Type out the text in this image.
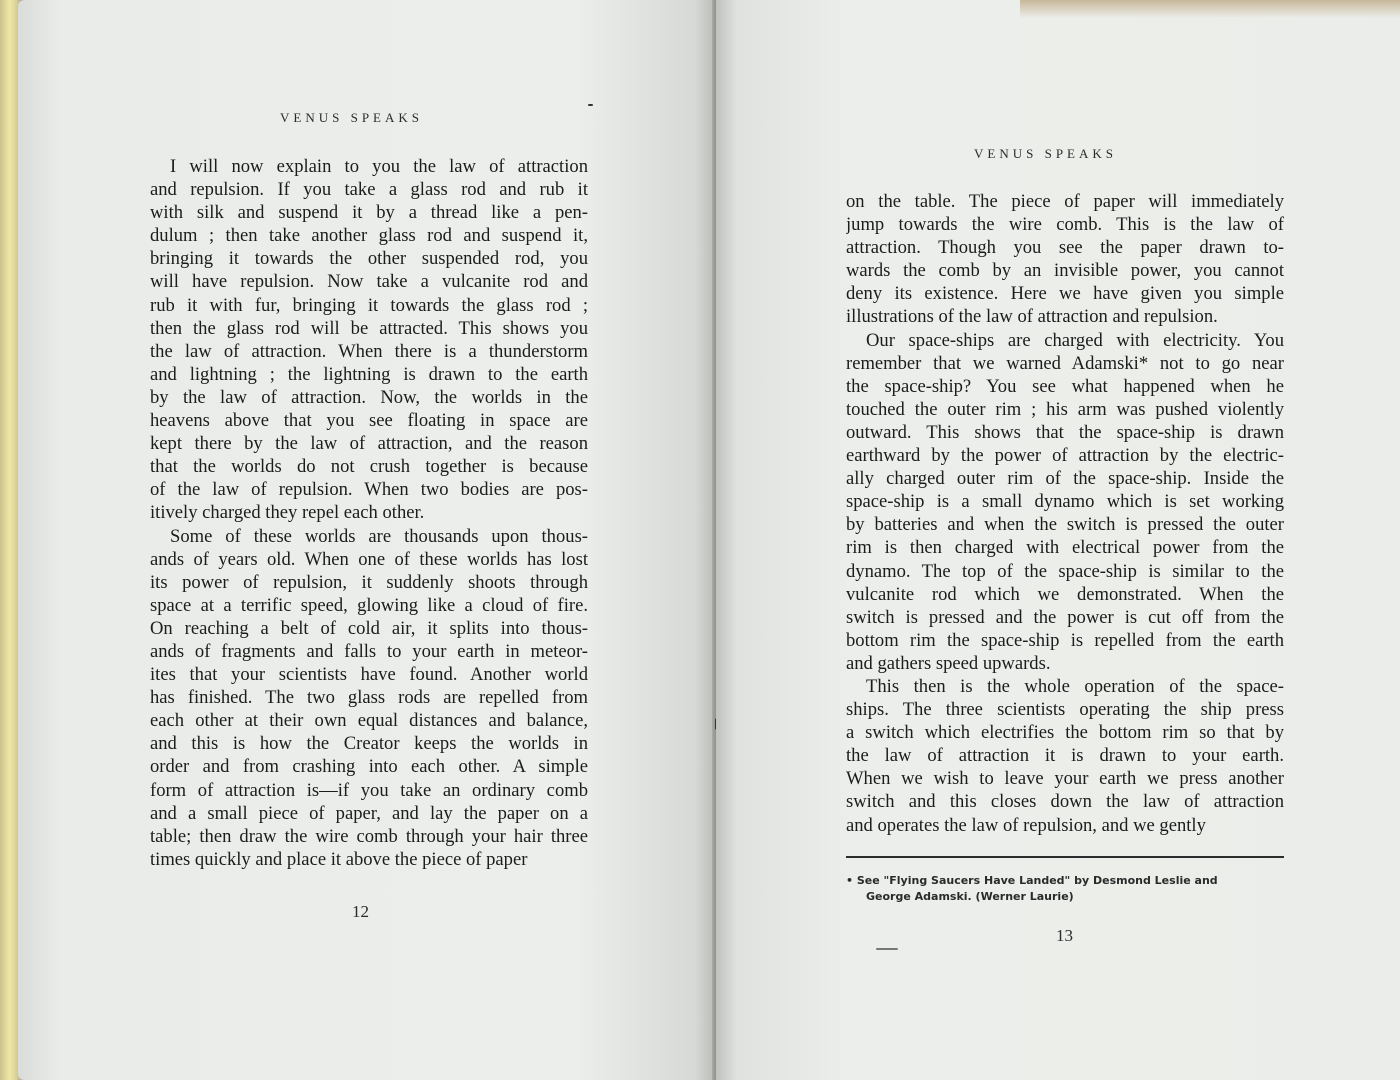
VENUS SPEAKS
I will now explain to you the law of attraction
and repulsion. If you take a glass rod and rub it
with silk and suspend it by a thread like a pen-
dulum ; then take another glass rod and suspend it,
bringing it towards the other suspended rod, you
will have repulsion. Now take a vulcanite rod and
rub it with fur, bringing it towards the glass rod ;
then the glass rod will be attracted. This shows you
the law of attraction. When there is a thunderstorm
and lightning ; the lightning is drawn to the earth
by the law of attraction. Now, the worlds in the
heavens above that you see floating in space are
kept there by the law of attraction, and the reason
that the worlds do not crush together is because
of the law of repulsion. When two bodies are pos-
itively charged they repel each other.
Some of these worlds are thousands upon thous-
ands of years old. When one of these worlds has lost
its power of repulsion, it suddenly shoots through
space at a terrific speed, glowing like a cloud of fire.
On reaching a belt of cold air, it splits into thous-
ands of fragments and falls to your earth in meteor-
ites that your scientists have found. Another world
has finished. The two glass rods are repelled from
each other at their own equal distances and balance,
and this is how the Creator keeps the worlds in
order and from crashing into each other. A simple
form of attraction is—if you take an ordinary comb
and a small piece of paper, and lay the paper on a
table; then draw the wire comb through your hair three
times quickly and place it above the piece of paper
12
VENUS SPEAKS
on the table. The piece of paper will immediately
jump towards the wire comb. This is the law of
attraction. Though you see the paper drawn to-
wards the comb by an invisible power, you cannot
deny its existence. Here we have given you simple
illustrations of the law of attraction and repulsion.
Our space-ships are charged with electricity. You
remember that we warned Adamski* not to go near
the space-ship? You see what happened when he
touched the outer rim ; his arm was pushed violently
outward. This shows that the space-ship is drawn
earthward by the power of attraction by the electric-
ally charged outer rim of the space-ship. Inside the
space-ship is a small dynamo which is set working
by batteries and when the switch is pressed the outer
rim is then charged with electrical power from the
dynamo. The top of the space-ship is similar to the
vulcanite rod which we demonstrated. When the
switch is pressed and the power is cut off from the
bottom rim the space-ship is repelled from the earth
and gathers speed upwards.
This then is the whole operation of the space-
ships. The three scientists operating the ship press
a switch which electrifies the bottom rim so that by
the law of attraction it is drawn to your earth.
When we wish to leave your earth we press another
switch and this closes down the law of attraction
and operates the law of repulsion, and we gently
• See "Flying Saucers Have Landed" by Desmond Leslie and
George Adamski. (Werner Laurie)
13
